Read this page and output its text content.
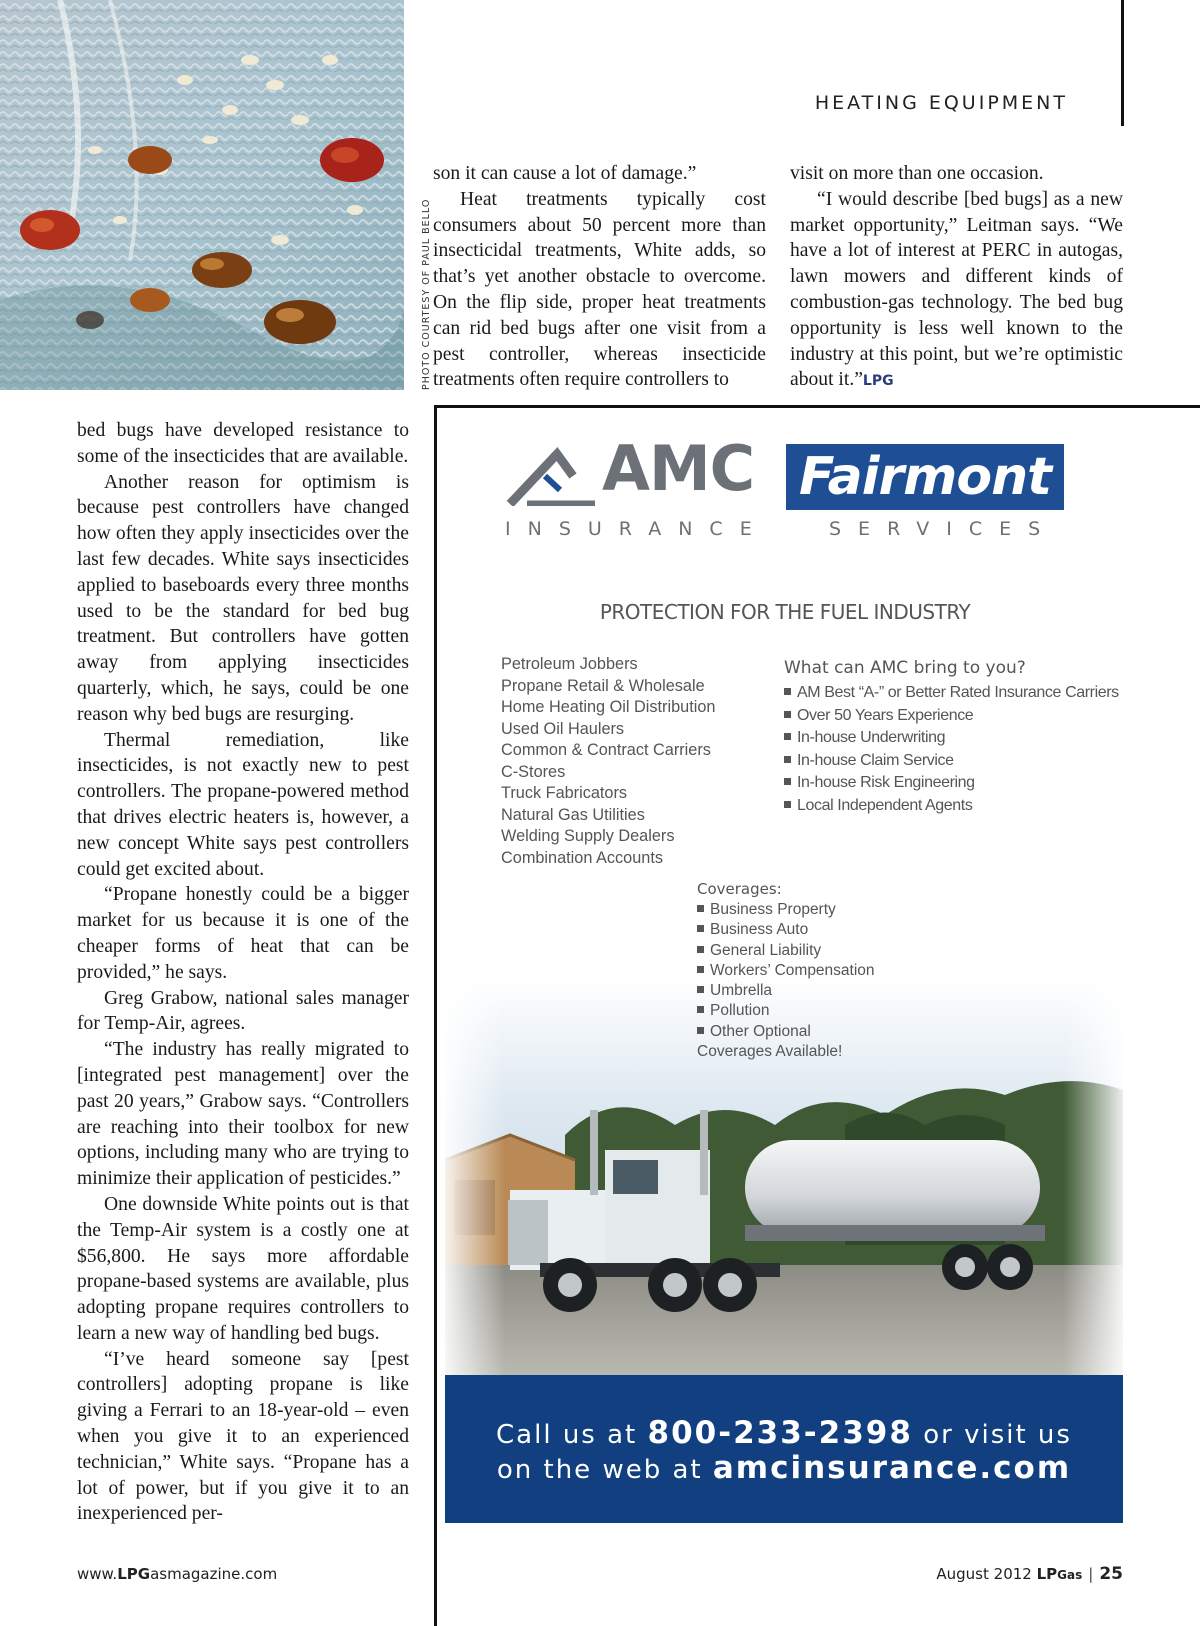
HEATING EQUIPMENT
PHOTO COURTESY OF PAUL BELLO

bed bugs have developed resistance to some of the insecticides that are available.

Another reason for optimism is because pest controllers have changed how often they apply insecticides over the last few decades. White says insecticides applied to baseboards every three months used to be the standard for bed bug treatment. But controllers have gotten away from applying insecticides quarterly, which, he says, could be one reason why bed bugs are resurging.

Thermal remediation, like insecticides, is not exactly new to pest controllers. The propane-powered method that drives electric heaters is, however, a new concept White says pest controllers could get excited about.

“Propane honestly could be a bigger market for us because it is one of the cheaper forms of heat that can be provided,” he says.

Greg Grabow, national sales manager for Temp-Air, agrees.

“The industry has really migrated to [integrated pest management] over the past 20 years,” Grabow says. “Controllers are reaching into their toolbox for new options, including many who are trying to minimize their application of pesticides.”

One downside White points out is that the Temp-Air system is a costly one at $56,800. He says more affordable propane-based systems are available, plus adopting propane requires controllers to learn a new way of handling bed bugs.

“I’ve heard someone say [pest controllers] adopting propane is like giving a Ferrari to an 18-year-old – even when you give it to an experienced technician,” White says. “Propane has a lot of power, but if you give it to an inexperienced per-

son it can cause a lot of damage.”

Heat treatments typically cost consumers about 50 percent more than insecticidal treatments, White adds, so that’s yet another obstacle to overcome. On the flip side, proper heat treatments can rid bed bugs after one visit from a pest controller, whereas insecticide treatments often require controllers to

visit on more than one occasion.

“I would describe [bed bugs] as a new market opportunity,” Leitman says. “We have a lot of interest at PERC in autogas, lawn mowers and different kinds of combustion-gas technology. The bed bug opportunity is less well known to the industry at this point, but we’re optimistic about it.”LPG

AMC Fairmont
INSURANCE	SERVICES
PROTECTION FOR THE FUEL INDUSTRY
Petroleum Jobbers
Propane Retail & Wholesale
Home Heating Oil Distribution
Used Oil Haulers
Common & Contract Carriers
C-Stores
Truck Fabricators
Natural Gas Utilities
Welding Supply Dealers
Combination Accounts
What can AMC bring to you?
AM Best “A-” or Better Rated Insurance Carriers
Over 50 Years Experience
In-house Underwriting
In-house Claim Service
In-house Risk Engineering
Local Independent Agents
Coverages:
Business Property
Business Auto
General Liability
Workers’ Compensation
Umbrella
Pollution
Other Optional
Coverages Available!
Call us at 800-233-2398 or visit us
on the web at amcinsurance.com
www.LPGasmagazine.com	August 2012 LPGas | 25
